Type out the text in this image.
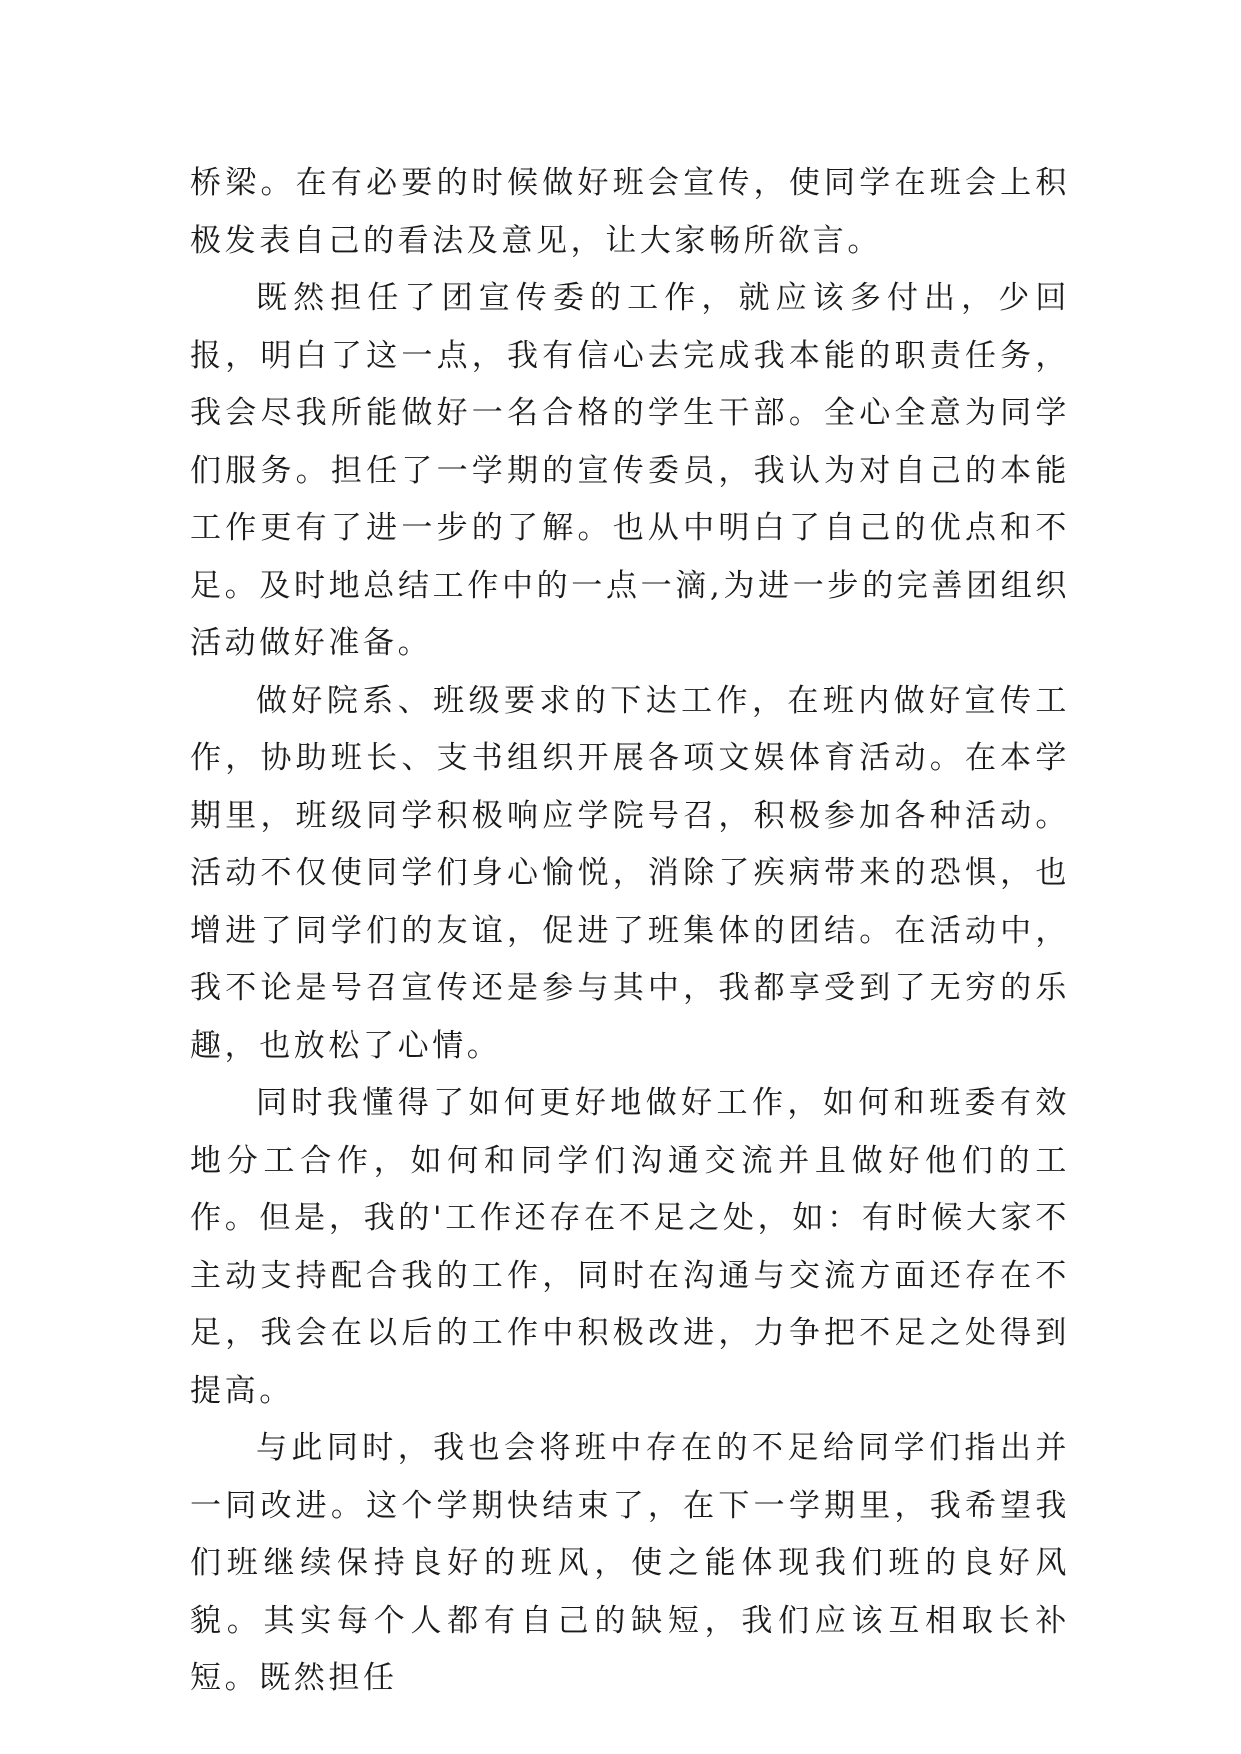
桥梁。在有必要的时候做好班会宣传，使同学在班会上积极发表自己的看法及意见，让大家畅所欲言。

既然担任了团宣传委的工作，就应该多付出，少回报，明白了这一点，我有信心去完成我本能的职责任务，我会尽我所能做好一名合格的学生干部。全心全意为同学们服务。担任了一学期的宣传委员，我认为对自己的本能工作更有了进一步的了解。也从中明白了自己的优点和不足。及时地总结工作中的一点一滴,为进一步的完善团组织活动做好准备。

做好院系、班级要求的下达工作，在班内做好宣传工作，协助班长、支书组织开展各项文娱体育活动。在本学期里，班级同学积极响应学院号召，积极参加各种活动。活动不仅使同学们身心愉悦，消除了疾病带来的恐惧，也增进了同学们的友谊，促进了班集体的团结。在活动中，我不论是号召宣传还是参与其中，我都享受到了无穷的乐趣，也放松了心情。

同时我懂得了如何更好地做好工作，如何和班委有效地分工合作，如何和同学们沟通交流并且做好他们的工作。但是，我的'工作还存在不足之处，如：有时候大家不主动支持配合我的工作，同时在沟通与交流方面还存在不足，我会在以后的工作中积极改进，力争把不足之处得到提高。

与此同时，我也会将班中存在的不足给同学们指出并一同改进。这个学期快结束了，在下一学期里，我希望我们班继续保持良好的班风，使之能体现我们班的良好风貌。其实每个人都有自己的缺短，我们应该互相取长补短。既然担任
